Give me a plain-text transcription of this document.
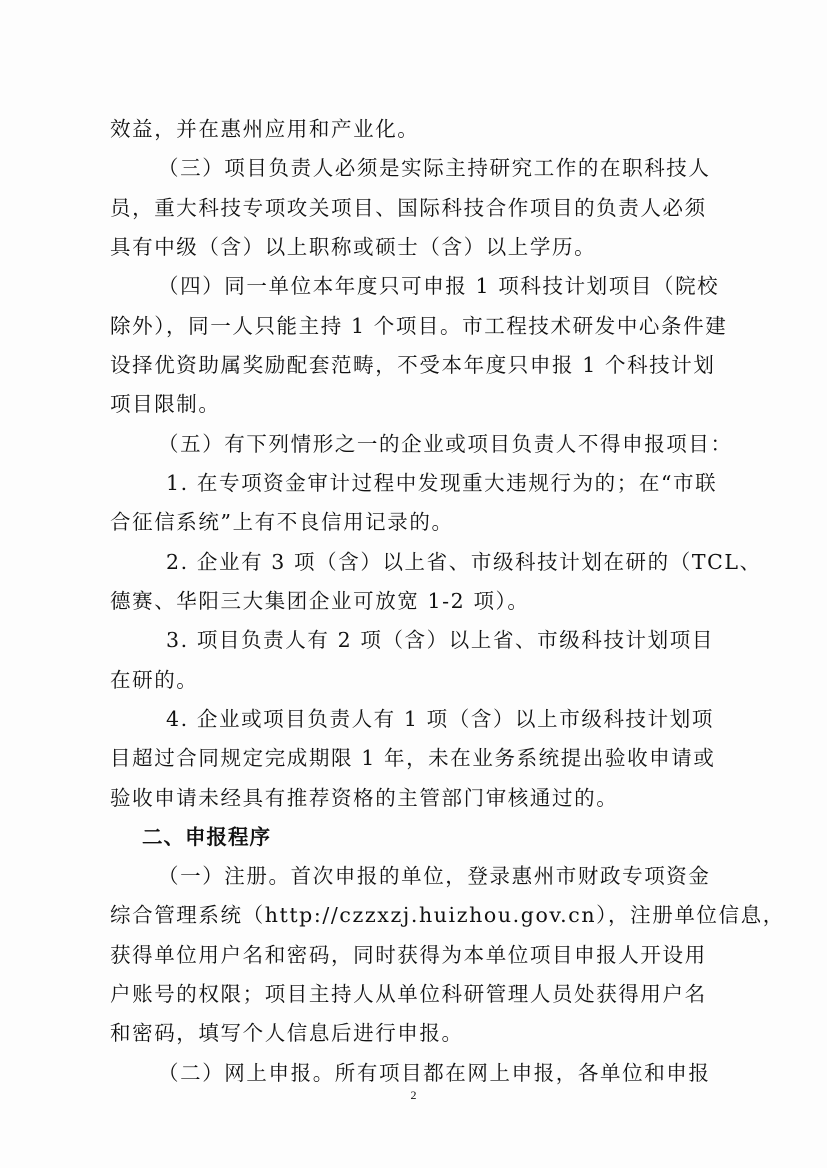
效益，并在惠州应用和产业化。
（三）项目负责人必须是实际主持研究工作的在职科技人
员，重大科技专项攻关项目、国际科技合作项目的负责人必须
具有中级（含）以上职称或硕士（含）以上学历。
（四）同一单位本年度只可申报 1 项科技计划项目（院校
除外），同一人只能主持 1 个项目。市工程技术研发中心条件建
设择优资助属奖励配套范畴，不受本年度只申报 1 个科技计划
项目限制。
（五）有下列情形之一的企业或项目负责人不得申报项目：
1. 在专项资金审计过程中发现重大违规行为的；在“市联
合征信系统”上有不良信用记录的。
2. 企业有 3 项（含）以上省、市级科技计划在研的（TCL、
德赛、华阳三大集团企业可放宽 1-2 项）。
3. 项目负责人有 2 项（含）以上省、市级科技计划项目
在研的。
4. 企业或项目负责人有 1 项（含）以上市级科技计划项
目超过合同规定完成期限 1 年，未在业务系统提出验收申请或
验收申请未经具有推荐资格的主管部门审核通过的。
二、申报程序
（一）注册。首次申报的单位，登录惠州市财政专项资金
综合管理系统（http://czzxzj.huizhou.gov.cn），注册单位信息，
获得单位用户名和密码，同时获得为本单位项目申报人开设用
户账号的权限；项目主持人从单位科研管理人员处获得用户名
和密码，填写个人信息后进行申报。
（二）网上申报。所有项目都在网上申报，各单位和申报
2
